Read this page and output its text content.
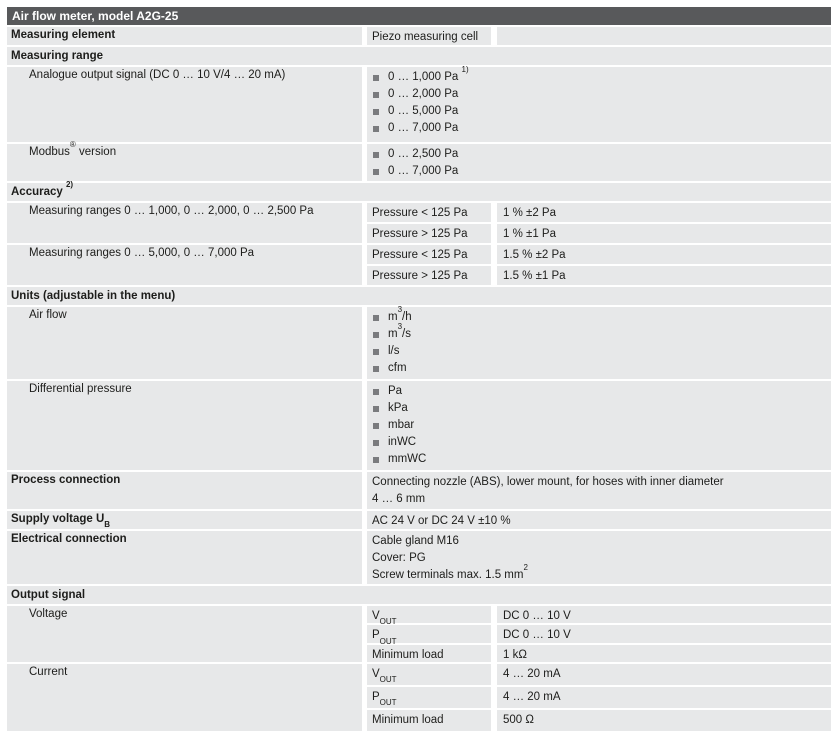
Air flow meter, model A2G-25
Measuring element	Piezo measuring cell
Measuring range
Analogue output signal (DC 0 … 10 V/4 … 20 mA)	0 … 1,000 Pa $^{1)}$
0 … 2,000 Pa
0 … 5,000 Pa
0 … 7,000 Pa
Modbus® version	0 … 2,500 Pa
0 … 7,000 Pa
Accuracy $^{2)}$
Measuring ranges 0 … 1,000, 0 … 2,000, 0 … 2,500 Pa	Pressure < 125 Pa	1 % ±2 Pa
Pressure > 125 Pa	1 % ±1 Pa
Measuring ranges 0 … 5,000, 0 … 7,000 Pa	Pressure < 125 Pa	1.5 % ±2 Pa
Pressure > 125 Pa	1.5 % ±1 Pa
Units (adjustable in the menu)
Air flow	$m^3/h$
$m^3/s$
l/s
cfm
Differential pressure	Pa
kPa
mbar
inWC
mmWC
Process connection	Connecting nozzle (ABS), lower mount, for hoses with inner diameter
4 … 6 mm
Supply voltage $U_B$	AC 24 V or DC 24 V ±10 %
Electrical connection	Cable gland M16
Cover: PG
Screw terminals max. 1.5 $mm^2$
Output signal
Voltage	$V_{OUT}$	DC 0 … 10 V
$P_{OUT}$	DC 0 … 10 V
Minimum load	1 kΩ
Current	$V_{OUT}$	4 … 20 mA
$P_{OUT}$	4 … 20 mA
Minimum load	500 Ω
